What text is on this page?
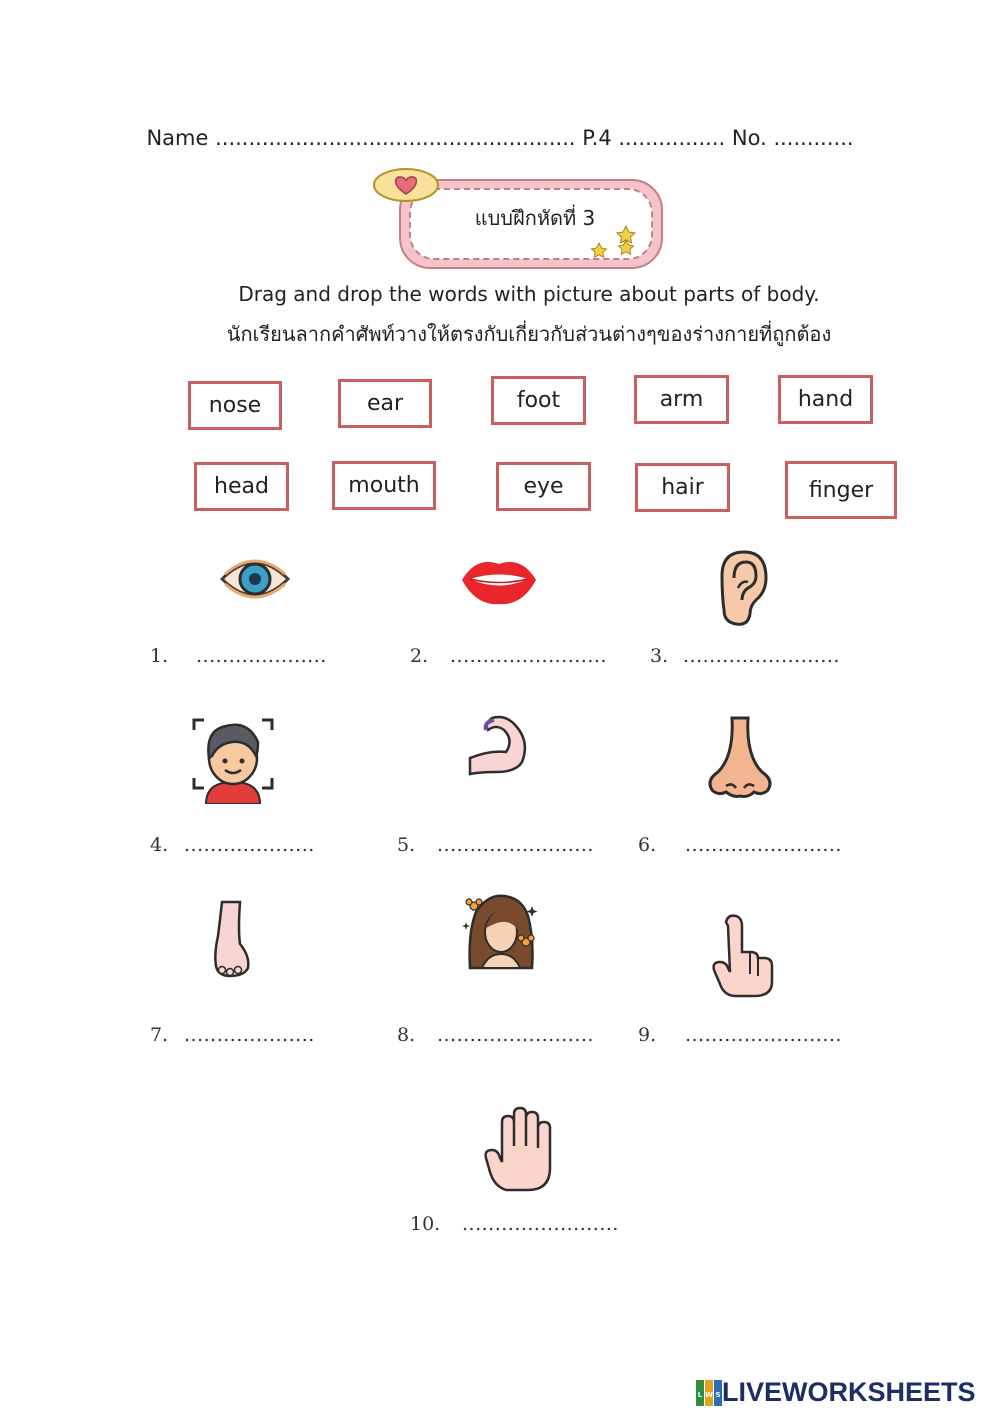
Name ...................................................... P.4 ................ No. ............
แบบฝึกหัดที่ 3
Drag and drop the words with picture about parts of body.
นักเรียนลากคำศัพท์วางให้ตรงกับเกี่ยวกับส่วนต่างๆของร่างกายที่ถูกต้อง
nose	ear	foot	arm	hand
head	mouth	eye	hair	finger
1. ....................	2. ........................ 3. ........................
4. ....................	5. ........................ 6. ........................
7. ....................	8. ........................ 9. ........................
10. ........................
L W S LIVEWORKSHEETS
